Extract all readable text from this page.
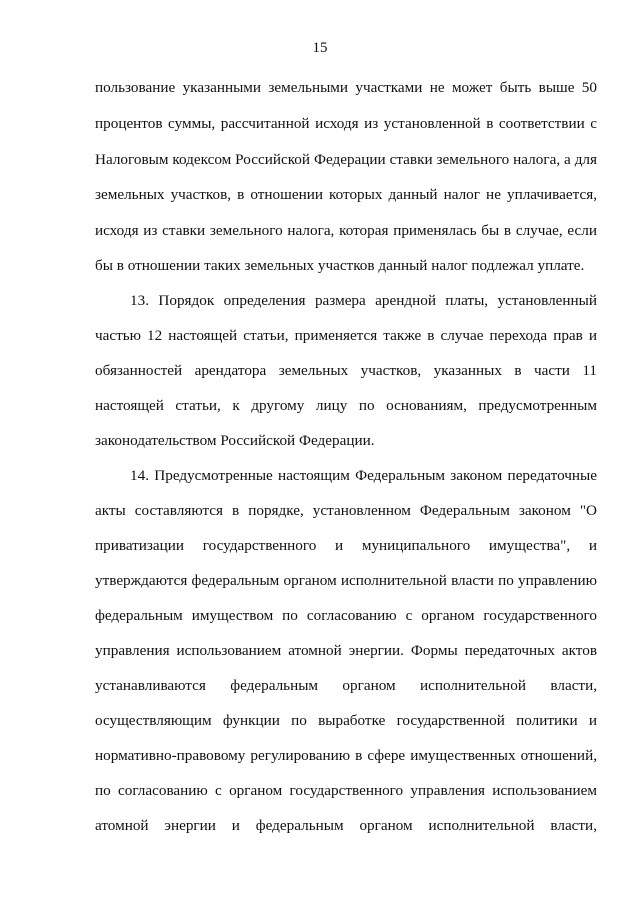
15
пользование указанными земельными участками не может быть выше 50
процентов суммы, рассчитанной исходя из установленной в соответствии с
Налоговым кодексом Российской Федерации ставки земельного налога, а для
земельных участков, в отношении которых данный налог не уплачивается,
исходя из ставки земельного налога, которая применялась бы в случае, если
бы в отношении таких земельных участков данный налог подлежал уплате.
13. Порядок определения размера арендной платы, установленный
частью 12 настоящей статьи, применяется также в случае перехода прав и
обязанностей арендатора земельных участков, указанных в части 11
настоящей статьи, к другому лицу по основаниям, предусмотренным
законодательством Российской Федерации.
14. Предусмотренные настоящим Федеральным законом передаточные
акты составляются в порядке, установленном Федеральным законом "О
приватизации государственного и муниципального имущества", и
утверждаются федеральным органом исполнительной власти по управлению
федеральным имуществом по согласованию с органом государственного
управления использованием атомной энергии. Формы передаточных актов
устанавливаются федеральным органом исполнительной власти,
осуществляющим функции по выработке государственной политики и
нормативно-правовому регулированию в сфере имущественных отношений,
по согласованию с органом государственного управления использованием
атомной энергии и федеральным органом исполнительной власти,
